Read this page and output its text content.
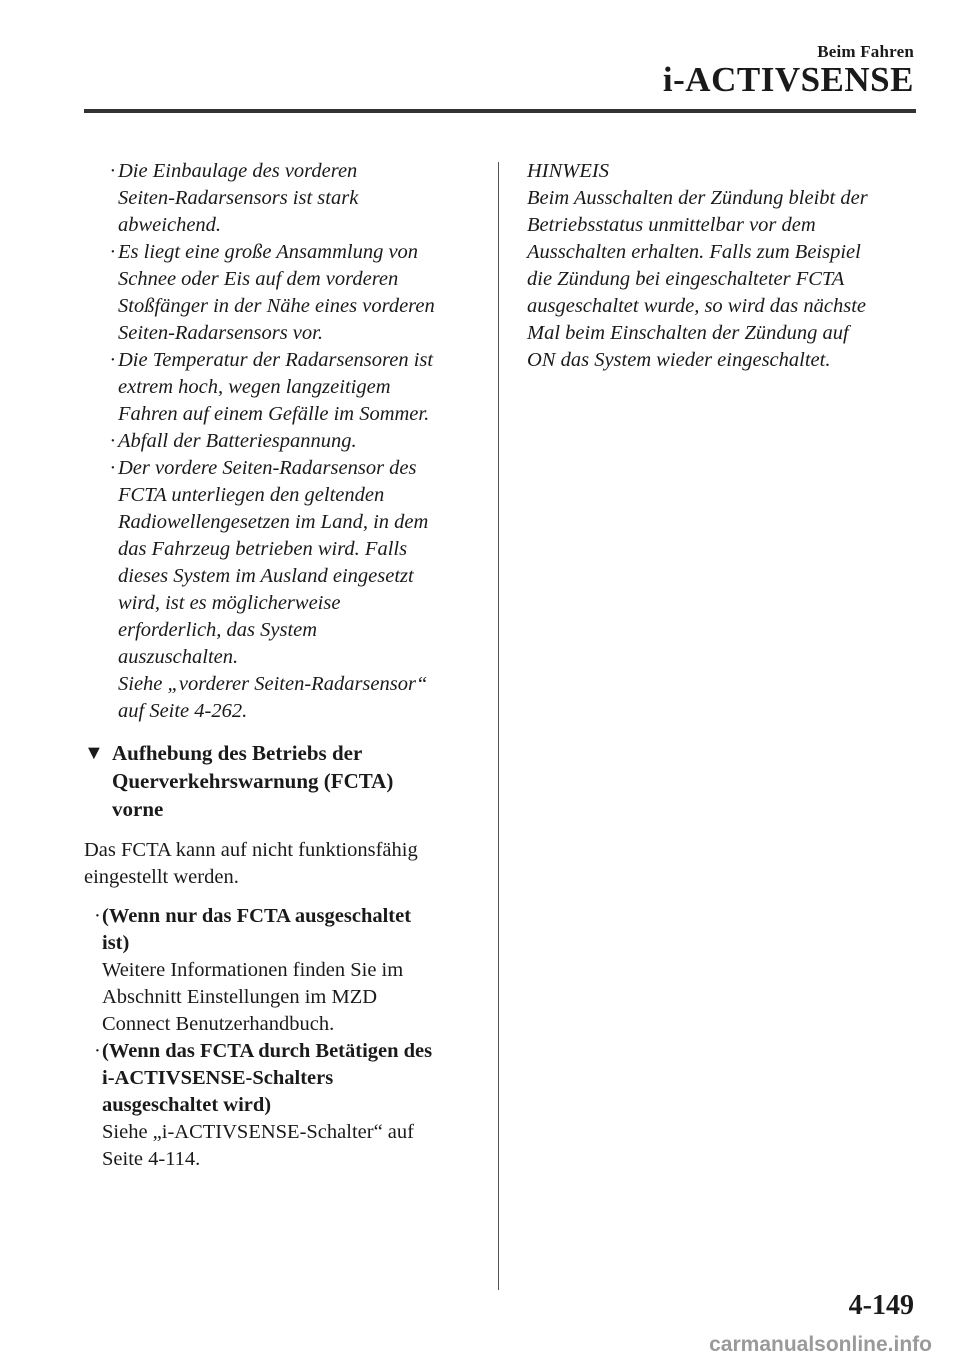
Beim Fahren
i-ACTIVSENSE
· Die Einbaulage des vorderen
Seiten-Radarsensors ist stark
abweichend.
· Es liegt eine große Ansammlung von
Schnee oder Eis auf dem vorderen
Stoßfänger in der Nähe eines vorderen
Seiten-Radarsensors vor.
· Die Temperatur der Radarsensoren ist
extrem hoch, wegen langzeitigem
Fahren auf einem Gefälle im Sommer.
· Abfall der Batteriespannung.
· Der vordere Seiten-Radarsensor des
FCTA unterliegen den geltenden
Radiowellengesetzen im Land, in dem
das Fahrzeug betrieben wird. Falls
dieses System im Ausland eingesetzt
wird, ist es möglicherweise
erforderlich, das System
auszuschalten.
Siehe „vorderer Seiten-Radarsensor“
auf Seite 4-262.
▼ Aufhebung des Betriebs der
Querverkehrswarnung (FCTA)
vorne
Das FCTA kann auf nicht funktionsfähig
eingestellt werden.
· (Wenn nur das FCTA ausgeschaltet
ist)
Weitere Informationen finden Sie im
Abschnitt Einstellungen im MZD
Connect Benutzerhandbuch.
· (Wenn das FCTA durch Betätigen des
i-ACTIVSENSE-Schalters
ausgeschaltet wird)
Siehe „i-ACTIVSENSE-Schalter“ auf
Seite 4-114.
HINWEIS
Beim Ausschalten der Zündung bleibt der
Betriebsstatus unmittelbar vor dem
Ausschalten erhalten. Falls zum Beispiel
die Zündung bei eingeschalteter FCTA
ausgeschaltet wurde, so wird das nächste
Mal beim Einschalten der Zündung auf
ON das System wieder eingeschaltet.
4-149
carmanualsonline.info
